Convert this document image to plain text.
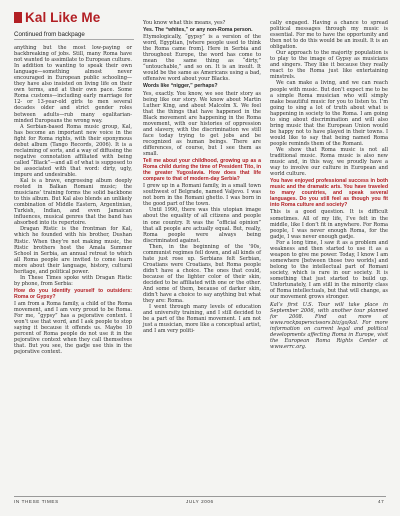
Kal Like Me
Continued from backpage

anything but the most low-paying or backbreaking of jobs. Still, many Roma have not wanted to assimilate to European culture. In addition to wanting to speak their own language—something almost never encouraged in European public schooling—they have also insisted on living life on their own terms, and at their own pace. Some Roma customs—including early marriage for 12- or 13-year-old girls to men several decades older and strict gender roles between adults—rub many egalitarian-minded Europeans the wrong way.

A Serbian-based Roma music group, Kal, has become an important new voice in the fight for Roma rights, with their eponymous debut album (Tango Records, 2006). It is a reclaiming of sorts, and a way of diffusing the negative connotation affiliated with being called “Black”—and all of what is supposed to be associated with that word: dirty, ugly, impure and undesirable.

Kal is a brave, engrossing album deeply rooted in Balkan Romani music; the musicians’ training forms the solid backbone to this album. But Kal also blends an unlikely combination of Middle Eastern, Argentinian, Turkish, Indian, and even Jamaican influences, musical genres that the band has absorbed into its repertoire.

Dragan Ristic is the frontman for Kal, which he founded with his brother, Dushan Ristic. When they’re not making music, the Ristic brothers host the Amala Summer School in Serbia, an annual retreat to which all Roma people are invited to come learn more about their language, history, cultural heritage, and political power.

In These Times spoke with Dragan Ristic by phone, from Serbia:

How do you identify yourself to outsiders: Roma or Gypsy?

I am from a Roma family, a child of the Roma movement, and I am very proud to be Roma. For me, “gypsy” has a pejorative context. I won’t use that word, and I ask people to stop saying it because it offends us. Maybe 10 percent of Roma people do not use it in the pejorative context when they call themselves that. But you see, the gadje use this in the pejorative context.

You know what this means, yes?

Yes. The “whites,” or any non-Roma person.

Etymologically, “gypsy” is a version of the word, Egyptian, [where people used to think the Roma came from]. Here in Serbia and throughout Europe, the word has come to mean the same thing as “dirty,” “untouchable,” and so on. It is an insult. It would be the same as Americans using a bad, offensive word about your Blacks.

Words like “nigger,” perhaps?

Yes, exactly. You know, we see their story as being like our story. We know about Martin Luther King, and about Malcolm X. We feel that the things that have happened in the Black movement are happening in the Roma movement, with our histories of oppression and slavery, with the discrimination we still face today trying to get jobs and be recognized as human beings. There are differences, of course, but I see them as small.

Tell me about your childhood, growing up as a Roma child during the time of President Tito, in the greater Yugoslavia. How does that life compare to that of modern-day Serbia?

I grew up in a Romani family, in a small town southwest of Belgrade, named Valjevo. I was not born in the Romani ghetto. I was born in the good part of the town.

Until 1990, there was this utopian image about the equality of all citizens and people in one country. It was the “official opinion” that all people are actually equal. But, really, Roma people were always being discriminated against.

Then, in the beginning of the ’90s, communist regimes fell down, and all kinds of hate just rose up. Serbians felt Serbian, Croatians were Croatians, but Roma people didn’t have a choice. The ones that could, because of the lighter color of their skin, decided to be affiliated with one or the other. And some of them, because of darker skin, didn’t have a choice to say anything but what they are: Roma.

I went through many levels of education and university training, and I still decided to be a part of the Romani movement. I am not just a musician, more like a conceptual artist, and I am very politi-

cally engaged. Having a chance to spread political messages through my music is essential. For me to have the opportunity and then not to do this would be an insult. It is an obligation.

Our approach to the majority population is to play to the image of Gypsy as musicians and singers. They like it because they really react to the Roma just like entertaining minstrels.

We can make a living, and we can reach people with music. But don’t expect me to be a simple Roma musician who will simply make beautiful music for you to listen to. I’m going to sing a lot of truth about what is happening in society to the Roma. I am going to sing about discrimination and will also bring music that the European Union would be happy not to have played in their towns. I would like to say that being named Roma people reminds them of the Romani.

We show that Roma music is not all traditional music. Roma music is also new music and, in this way, we proudly have a way to involve our culture in European and world culture.

You have enjoyed professional success in both music and the dramatic arts. You have traveled to many countries, and speak several languages. Do you still feel as though you fit into Roma culture and society?

This is a good question. It is difficult sometimes. All of my life, I’ve felt in the middle, like I don’t fit in anywhere. For Roma people, I was never enough Roma, for the gadje, I was never enough gadje.

For a long time, I saw it as a problem and weakness and then started to use it as a weapon to give me power. Today, I know I am somewhere [between those two worlds] and belong to the intellectual part of Romani society, which is rare in our society. It is something that just started to build up. Unfortunately, I am still in the minority class of Roma intellectuals, but that will change, as our movement grows stronger.

Kal’s first U.S. Tour will take place in September 2006, with another tour planned for 2008. Find out more at www.rockpaperscissors.biz/go/kal. For more information on current legal and political developments affecting Roma in Europe, visit the European Roma Rights Center at www.errc.org.

IN THESE TIMES	JULY 2006	47
